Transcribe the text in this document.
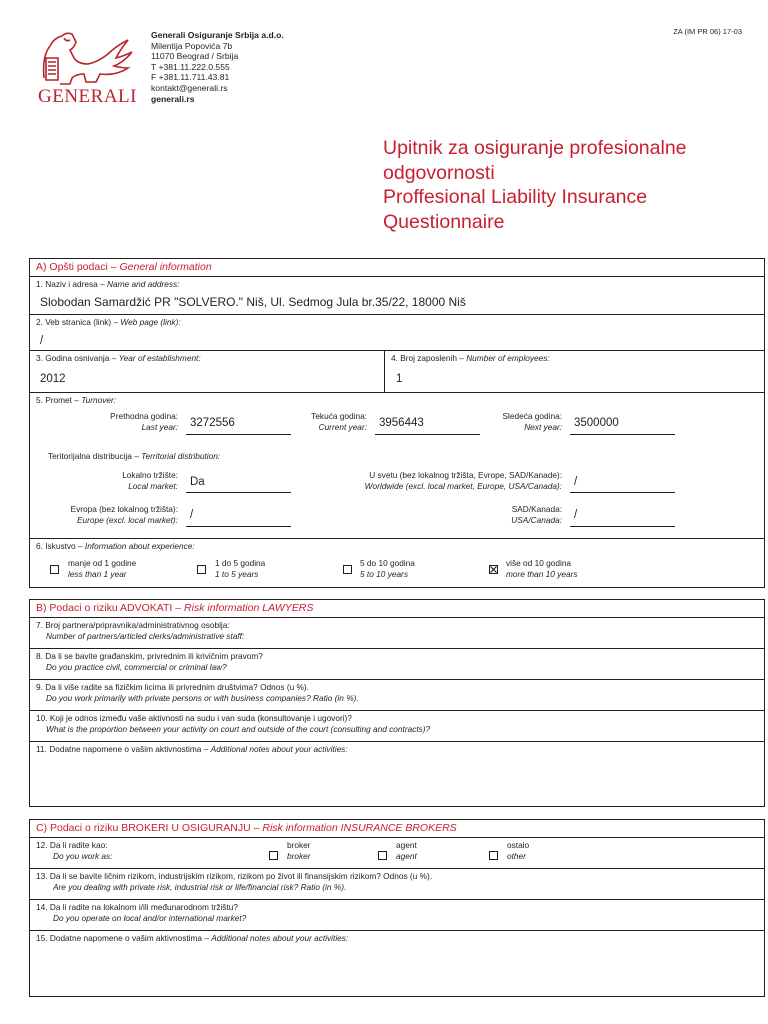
ZA (IM PR 06) 17-03
GENERALI
Generali Osiguranje Srbija a.d.o.
Milentija Popovića 7b
11070 Beograd / Srbija
T +381.11.222.0.555
F +381.11.711.43.81
kontakt@generali.rs
generali.rs
Upitnik za osiguranje profesionalne
odgovornosti
Proffesional Liability Insurance
Questionnaire
A) Opšti podaci – General information
1. Naziv i adresa – Name and address:
Slobodan Samardžić PR "SOLVERO." Niš, Ul. Sedmog Jula br.35/22, 18000 Niš
2. Veb stranica (link) – Web page (link):
/
3. Godina osnivanja – Year of establishment:
2012
4. Broj zaposlenih – Number of employees:
1
5. Promet – Turnover:
Prethodna godina:
Last year: 3272556
Tekuća godina:
Current year: 3956443
Sledeća godina:
Next year: 3500000
Teritorijalna distribucija – Territorial distribution:
Lokalno tržište:
Local market: Da
U svetu (bez lokalnog tržišta, Evrope, SAD/Kanade):
Worldwide (excl. local market, Europe, USA/Canada): /
Evropa (bez lokalnog tržišta):
Europe (excl. local market): /	SAD/Kanada:
USA/Canada: /
6. Iskustvo – Information about experience:
manje od 1 godine
less than 1 year
1 do 5 godina
1 to 5 years
5 do 10 godina
5 to 10 years
više od 10 godina
more than 10 years
B) Podaci o riziku ADVOKATI – Risk information LAWYERS
7. Broj partnera/pripravnika/administrativnog osoblja:
Number of partners/articled clerks/administrative staff:
8. Da li se bavite građanskim, privrednim ili krivičnim pravom?
Do you practice civil, commercial or criminal law?
9. Da li više radite sa fizičkim licima ili privrednim društvima? Odnos (u %).
Do you work primarily with private persons or with business companies? Ratio (in %).
10. Koji je odnos između vaše aktivnosti na sudu i van suda (konsultovanje i ugovori)?
What is the proportion between your activity on court and outside of the court (consulting and contracts)?
11. Dodatne napomene o vašim aktivnostima – Additional notes about your activities:
C) Podaci o riziku BROKERI U OSIGURANJU – Risk information INSURANCE BROKERS
12. Da li radite kao:
Do you work as:
broker
broker
agent
agent
ostalo
other
13. Da li se bavite ličnim rizikom, industrijskim rizikom, rizikom po život ili finansijskim rizikom? Odnos (u %).
Are you dealing with private risk, industrial risk or life/financial risk? Ratio (in %).
14. Da li radite na lokalnom i/ili međunarodnom tržištu?
Do you operate on local and/or international market?
15. Dodatne napomene o vašim aktivnostima – Additional notes about your activities:
